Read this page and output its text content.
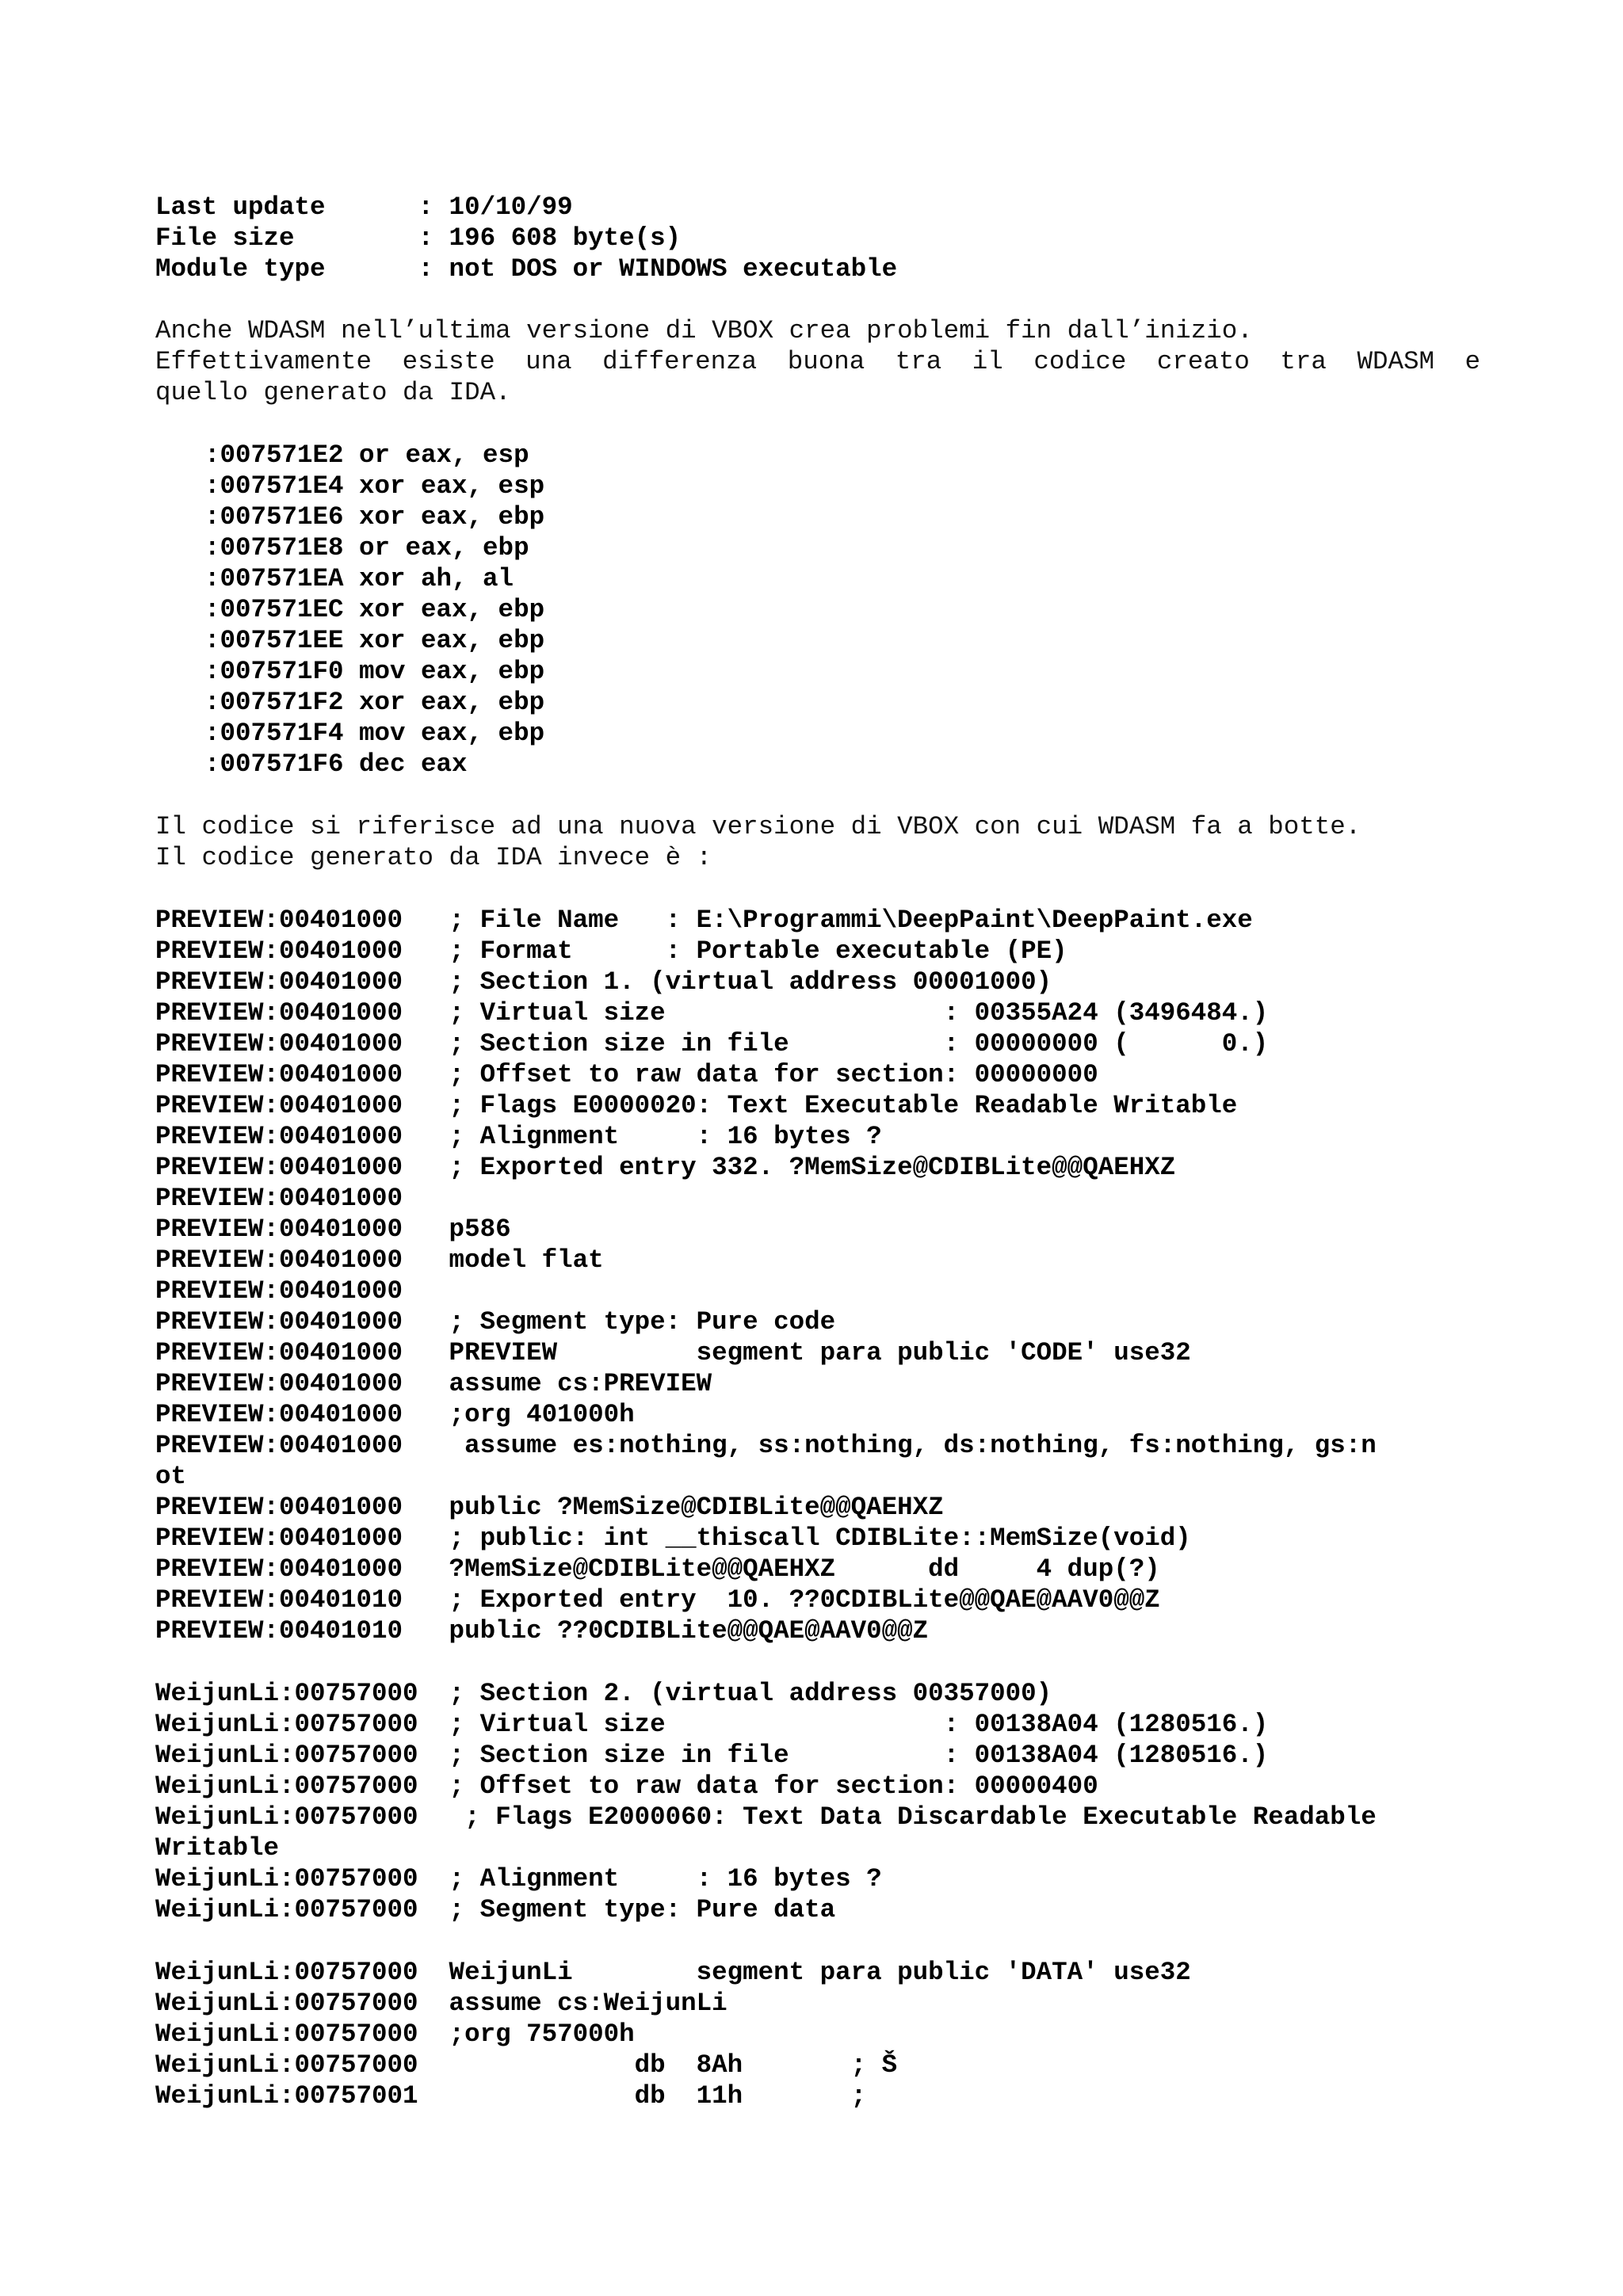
Last update      : 10/10/99
File size        : 196 608 byte(s)
Module type      : not DOS or WINDOWS executable
Anche WDASM nell’ultima versione di VBOX crea problemi fin dall’inizio.
Effettivamente esiste una differenza buona tra il codice creato tra WDASM e
quello generato da IDA.
:007571E2 or eax, esp
:007571E4 xor eax, esp
:007571E6 xor eax, ebp
:007571E8 or eax, ebp
:007571EA xor ah, al
:007571EC xor eax, ebp
:007571EE xor eax, ebp
:007571F0 mov eax, ebp
:007571F2 xor eax, ebp
:007571F4 mov eax, ebp
:007571F6 dec eax
Il codice si riferisce ad una nuova versione di VBOX con cui WDASM fa a botte.
Il codice generato da IDA invece è :
PREVIEW:00401000   ; File Name   : E:\Programmi\DeepPaint\DeepPaint.exe
PREVIEW:00401000   ; Format      : Portable executable (PE)
PREVIEW:00401000   ; Section 1. (virtual address 00001000)
PREVIEW:00401000   ; Virtual size                  : 00355A24 (3496484.)
PREVIEW:00401000   ; Section size in file          : 00000000 (      0.)
PREVIEW:00401000   ; Offset to raw data for section: 00000000
PREVIEW:00401000   ; Flags E0000020: Text Executable Readable Writable
PREVIEW:00401000   ; Alignment     : 16 bytes ?
PREVIEW:00401000   ; Exported entry 332. ?MemSize@CDIBLite@@QAEHXZ
PREVIEW:00401000
PREVIEW:00401000   p586
PREVIEW:00401000   model flat
PREVIEW:00401000
PREVIEW:00401000   ; Segment type: Pure code
PREVIEW:00401000   PREVIEW         segment para public 'CODE' use32
PREVIEW:00401000   assume cs:PREVIEW
PREVIEW:00401000   ;org 401000h
PREVIEW:00401000    assume es:nothing, ss:nothing, ds:nothing, fs:nothing, gs:n
ot
PREVIEW:00401000   public ?MemSize@CDIBLite@@QAEHXZ
PREVIEW:00401000   ; public: int __thiscall CDIBLite::MemSize(void)
PREVIEW:00401000   ?MemSize@CDIBLite@@QAEHXZ      dd     4 dup(?)
PREVIEW:00401010   ; Exported entry  10. ??0CDIBLite@@QAE@AAV0@@Z
PREVIEW:00401010   public ??0CDIBLite@@QAE@AAV0@@Z
WeijunLi:00757000  ; Section 2. (virtual address 00357000)
WeijunLi:00757000  ; Virtual size                  : 00138A04 (1280516.)
WeijunLi:00757000  ; Section size in file          : 00138A04 (1280516.)
WeijunLi:00757000  ; Offset to raw data for section: 00000400
WeijunLi:00757000   ; Flags E2000060: Text Data Discardable Executable Readable
Writable
WeijunLi:00757000  ; Alignment     : 16 bytes ?
WeijunLi:00757000  ; Segment type: Pure data
WeijunLi:00757000  WeijunLi        segment para public 'DATA' use32
WeijunLi:00757000  assume cs:WeijunLi
WeijunLi:00757000  ;org 757000h
WeijunLi:00757000              db  8Ah       ; Š
WeijunLi:00757001              db  11h       ;
